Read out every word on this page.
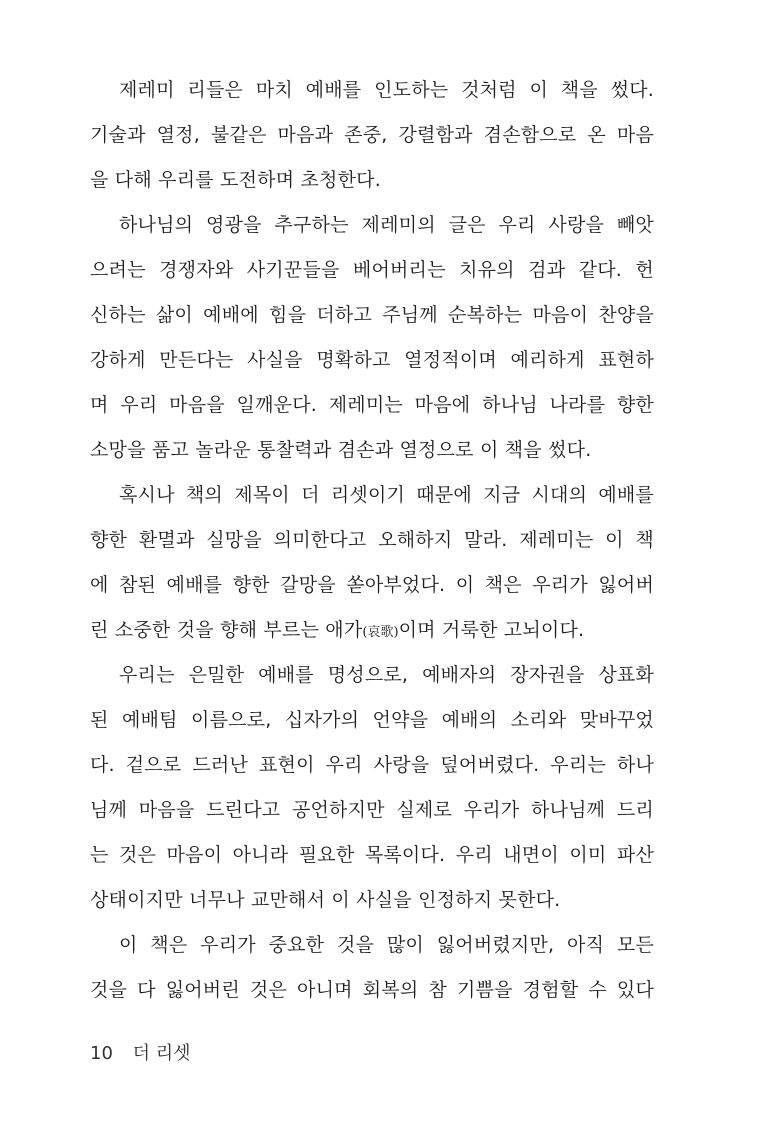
제레미 리들은 마치 예배를 인도하는 것처럼 이 책을 썼다.
기술과 열정, 불같은 마음과 존중, 강렬함과 겸손함으로 온 마음
을 다해 우리를 도전하며 초청한다.
하나님의 영광을 추구하는 제레미의 글은 우리 사랑을 빼앗
으려는 경쟁자와 사기꾼들을 베어버리는 치유의 검과 같다. 헌
신하는 삶이 예배에 힘을 더하고 주님께 순복하는 마음이 찬양을
강하게 만든다는 사실을 명확하고 열정적이며 예리하게 표현하
며 우리 마음을 일깨운다. 제레미는 마음에 하나님 나라를 향한
소망을 품고 놀라운 통찰력과 겸손과 열정으로 이 책을 썼다.
혹시나 책의 제목이 더 리셋이기 때문에 지금 시대의 예배를
향한 환멸과 실망을 의미한다고 오해하지 말라. 제레미는 이 책
에 참된 예배를 향한 갈망을 쏟아부었다. 이 책은 우리가 잃어버
린 소중한 것을 향해 부르는 애가(哀歌)이며 거룩한 고뇌이다.
우리는 은밀한 예배를 명성으로, 예배자의 장자권을 상표화
된 예배팀 이름으로, 십자가의 언약을 예배의 소리와 맞바꾸었
다. 겉으로 드러난 표현이 우리 사랑을 덮어버렸다. 우리는 하나
님께 마음을 드린다고 공언하지만 실제로 우리가 하나님께 드리
는 것은 마음이 아니라 필요한 목록이다. 우리 내면이 이미 파산
상태이지만 너무나 교만해서 이 사실을 인정하지 못한다.
이 책은 우리가 중요한 것을 많이 잃어버렸지만, 아직 모든
것을 다 잃어버린 것은 아니며 회복의 참 기쁨을 경험할 수 있다
10 더 리셋
